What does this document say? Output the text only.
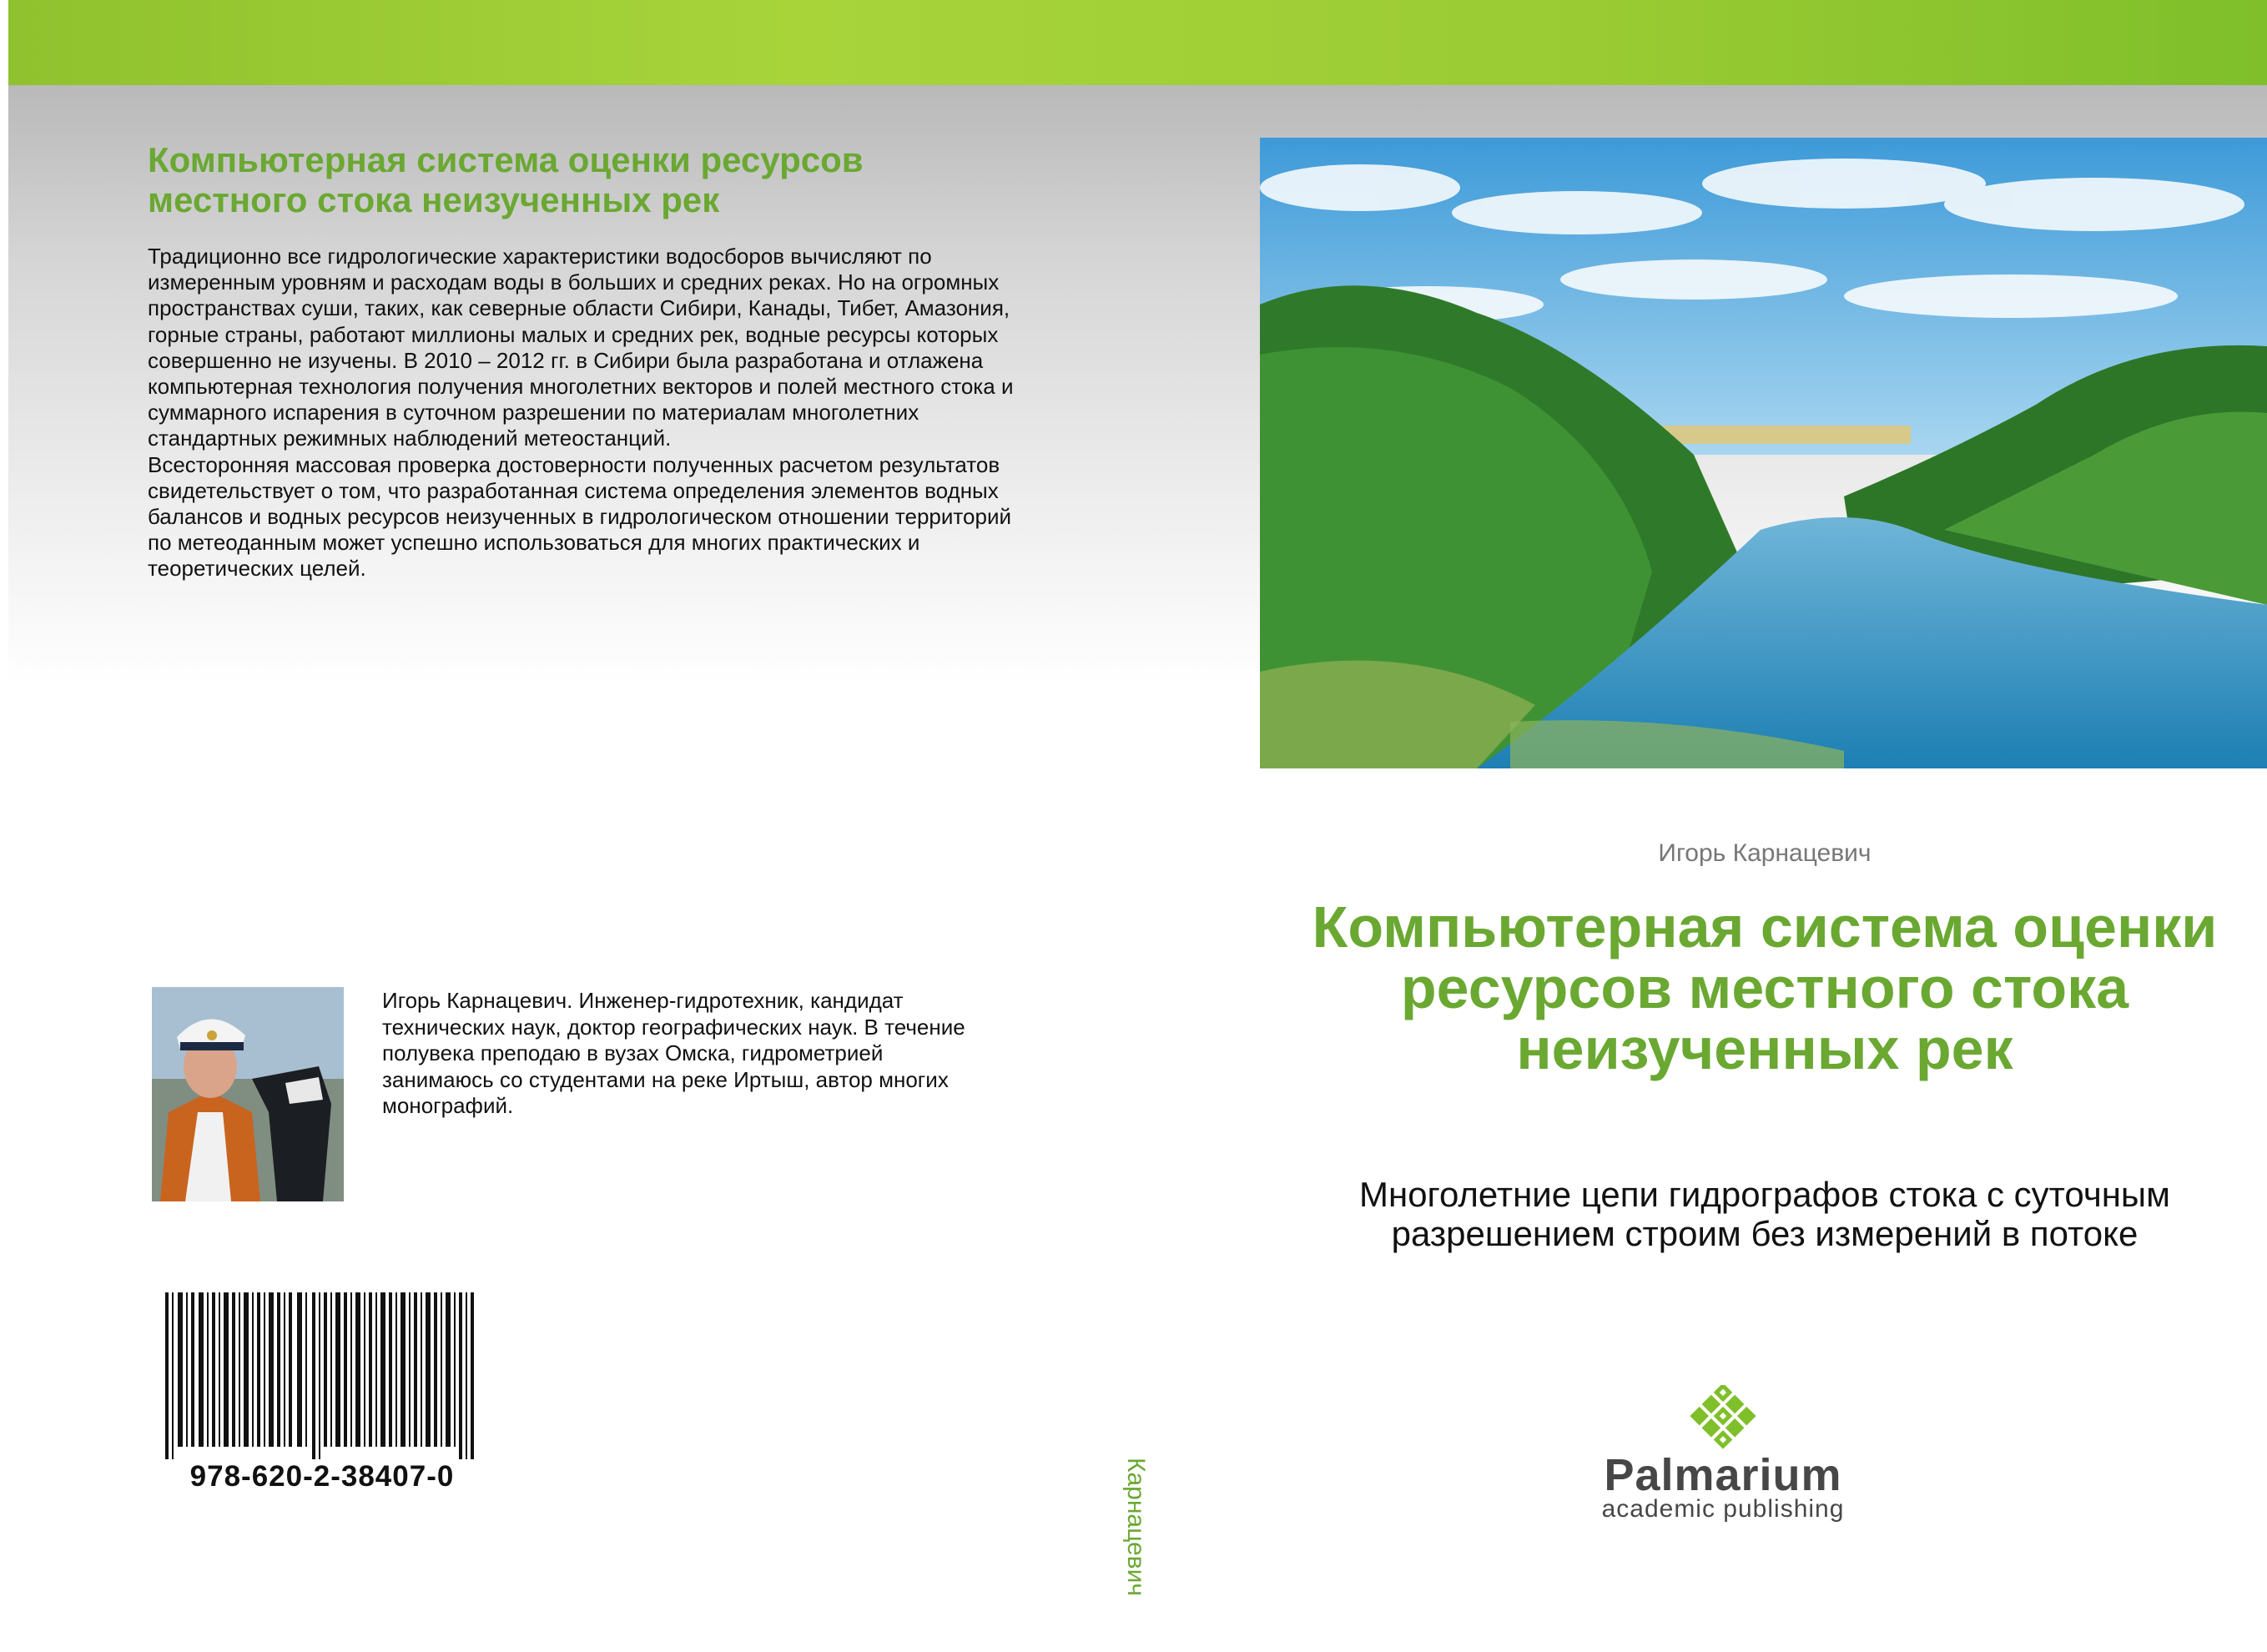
Компьютерная система оценки ресурсов местного стока неизученных рек

Традиционно все гидрологические характеристики водосборов вычисляют по измеренным уровням и расходам воды в больших и средних реках. Но на огромных пространствах суши, таких, как северные области Сибири, Канады, Тибет, Амазония, горные страны, работают миллионы малых и средних рек, водные ресурсы которых совершенно не изучены. В 2010 – 2012 гг. в Сибири была разработана и отлажена компьютерная технология получения многолетних векторов и полей местного стока и суммарного испарения в суточном разрешении по материалам многолетних стандартных режимных наблюдений метеостанций.
Всесторонняя массовая проверка достоверности полученных расчетом результатов свидетельствует о том, что разработанная система определения элементов водных балансов и водных ресурсов неизученных в гидрологическом отношении территорий по метеоданным может успешно использоваться для многих практических и теоретических целей.

Игорь Карнацевич. Инженер-гидротехник, кандидат технических наук, доктор географических наук. В течение полувека преподаю в вузах Омска, гидрометрией занимаюсь со студентами на реке Иртыш, автор многих монографий.

978-620-2-38407-0	Карнацевич

Игорь Карнацевич

Компьютерная система оценки ресурсов местного стока неизученных рек

Многолетние цепи гидрографов стока с суточным разрешением строим без измерений в потоке

Palmarium
academic publishing
